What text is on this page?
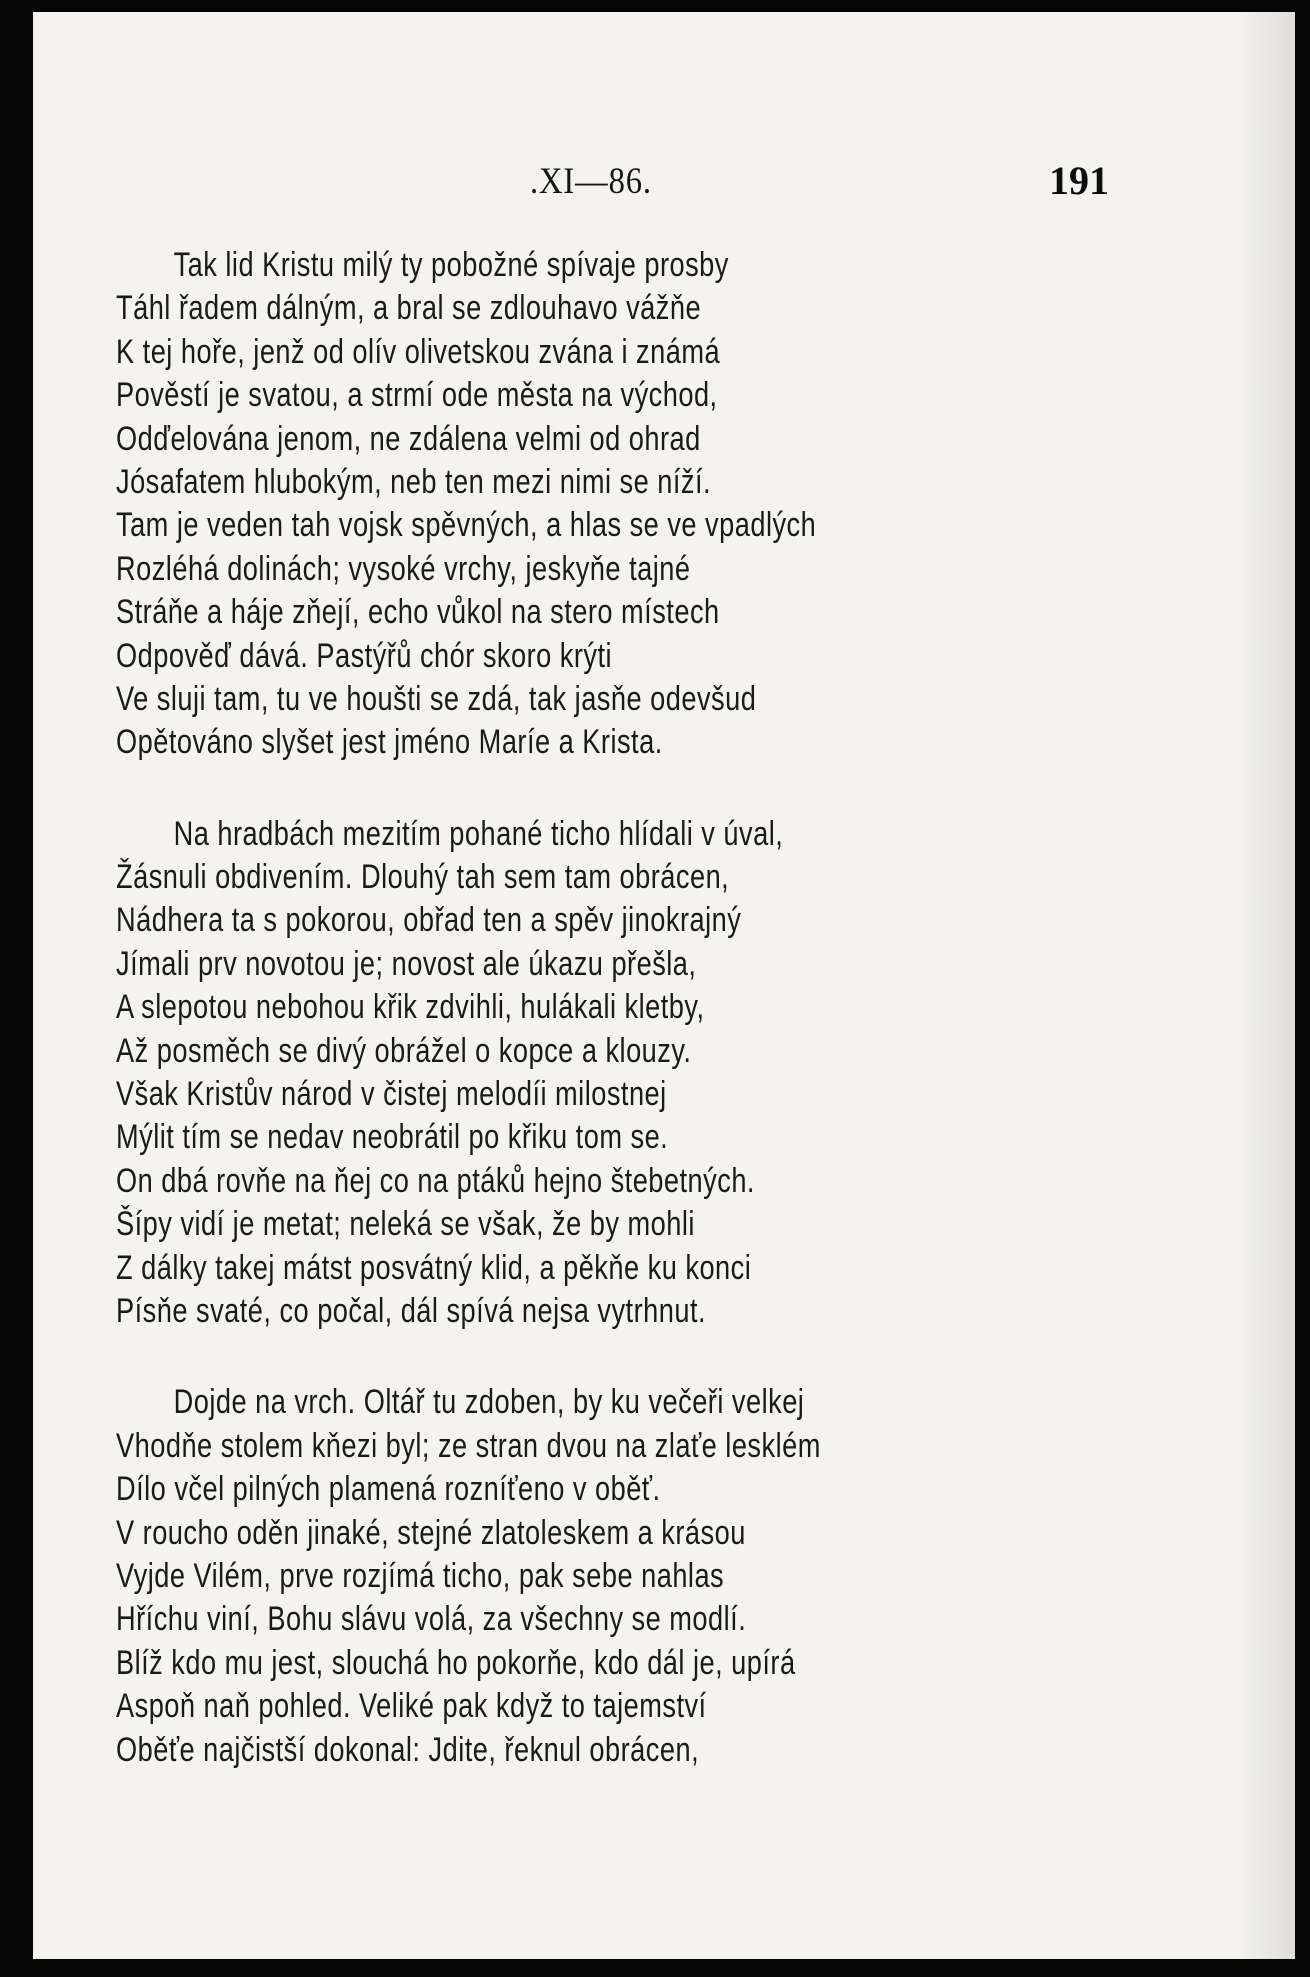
.XI—86.	191
Tak lid Kristu milý ty pobožné spívaje prosby
Táhl řadem dálným, a bral se zdlouhavo vážňe
K tej hoře, jenž od olív olivetskou zvána i známá
Pověstí je svatou, a strmí ode města na východ,
Odďelována jenom, ne zdálena velmi od ohrad
Jósafatem hlubokým, neb ten mezi nimi se níží.
Tam je veden tah vojsk spěvných, a hlas se ve vpadlých
Rozléhá dolinách; vysoké vrchy, jeskyňe tajné
Stráňe a háje zňejí, echo vůkol na stero místech
Odpověď dává. Pastýřů chór skoro krýti
Ve sluji tam, tu ve houšti se zdá, tak jasňe odevšud
Opětováno slyšet jest jméno Maríe a Krista.
Na hradbách mezitím pohané ticho hlídali v úval,
Žásnuli obdivením. Dlouhý tah sem tam obrácen,
Nádhera ta s pokorou, obřad ten a spěv jinokrajný
Jímali prv novotou je; novost ale úkazu přešla,
A slepotou nebohou křik zdvihli, hulákali kletby,
Až posměch se divý obrážel o kopce a klouzy.
Však Kristův národ v čistej melodíi milostnej
Mýlit tím se nedav neobrátil po křiku tom se.
On dbá rovňe na ňej co na ptáků hejno štebetných.
Šípy vidí je metat; neleká se však, že by mohli
Z dálky takej mátst posvátný klid, a pěkňe ku konci
Písňe svaté, co počal, dál spívá nejsa vytrhnut.
Dojde na vrch. Oltář tu zdoben, by ku večeři velkej
Vhodňe stolem kňezi byl; ze stran dvou na zlaťe lesklém
Dílo včel pilných plamená rozníťeno v oběť.
V roucho oděn jinaké, stejné zlatoleskem a krásou
Vyjde Vilém, prve rozjímá ticho, pak sebe nahlas
Hříchu viní, Bohu slávu volá, za všechny se modlí.
Blíž kdo mu jest, slouchá ho pokorňe, kdo dál je, upírá
Aspoň naň pohled. Veliké pak když to tajemství
Oběťe najčistší dokonal: Jdite, řeknul obrácen,
